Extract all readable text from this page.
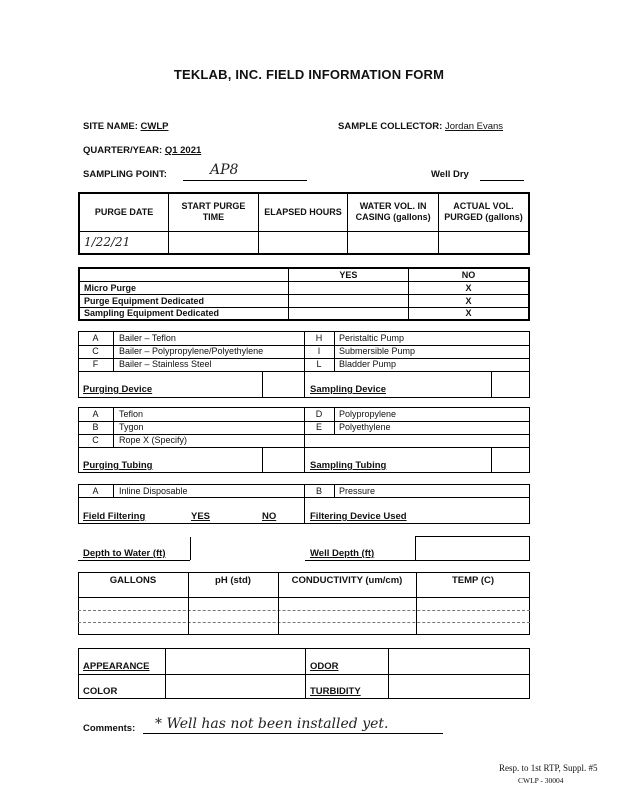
TEKLAB, INC. FIELD INFORMATION FORM
SITE NAME: CWLP	SAMPLE COLLECTOR: Jordan Evans
QUARTER/YEAR: Q1 2021
SAMPLING POINT:	AP8	Well Dry
PURGE DATE	START PURGE TIME	ELAPSED HOURS	WATER VOL. IN CASING (gallons)	ACTUAL VOL. PURGED (gallons)
1/22/21				
	YES	NO
Micro Purge		X
Purge Equipment Dedicated		X
Sampling Equipment Dedicated		X
A	Bailer – Teflon	H	Peristaltic Pump
C	Bailer – Polypropylene/Polyethylene	I	Submersible Pump
F	Bailer – Stainless Steel	L	Bladder Pump
Purging Device	Sampling Device
A	Teflon	D	Polypropylene
B	Tygon	E	Polyethylene
C	Rope X (Specify)
Purging Tubing	Sampling Tubing
A	Inline Disposable	B	Pressure
Field Filtering	YES	NO	Filtering Device Used
Depth to Water (ft)	Well Depth (ft)
GALLONS	pH (std)	CONDUCTIVITY (um/cm)	TEMP (C)
APPEARANCE	ODOR
COLOR	TURBIDITY
Comments: * Well has not been installed yet.
Resp. to 1st RTP, Suppl. #5
CWLP - 30004
